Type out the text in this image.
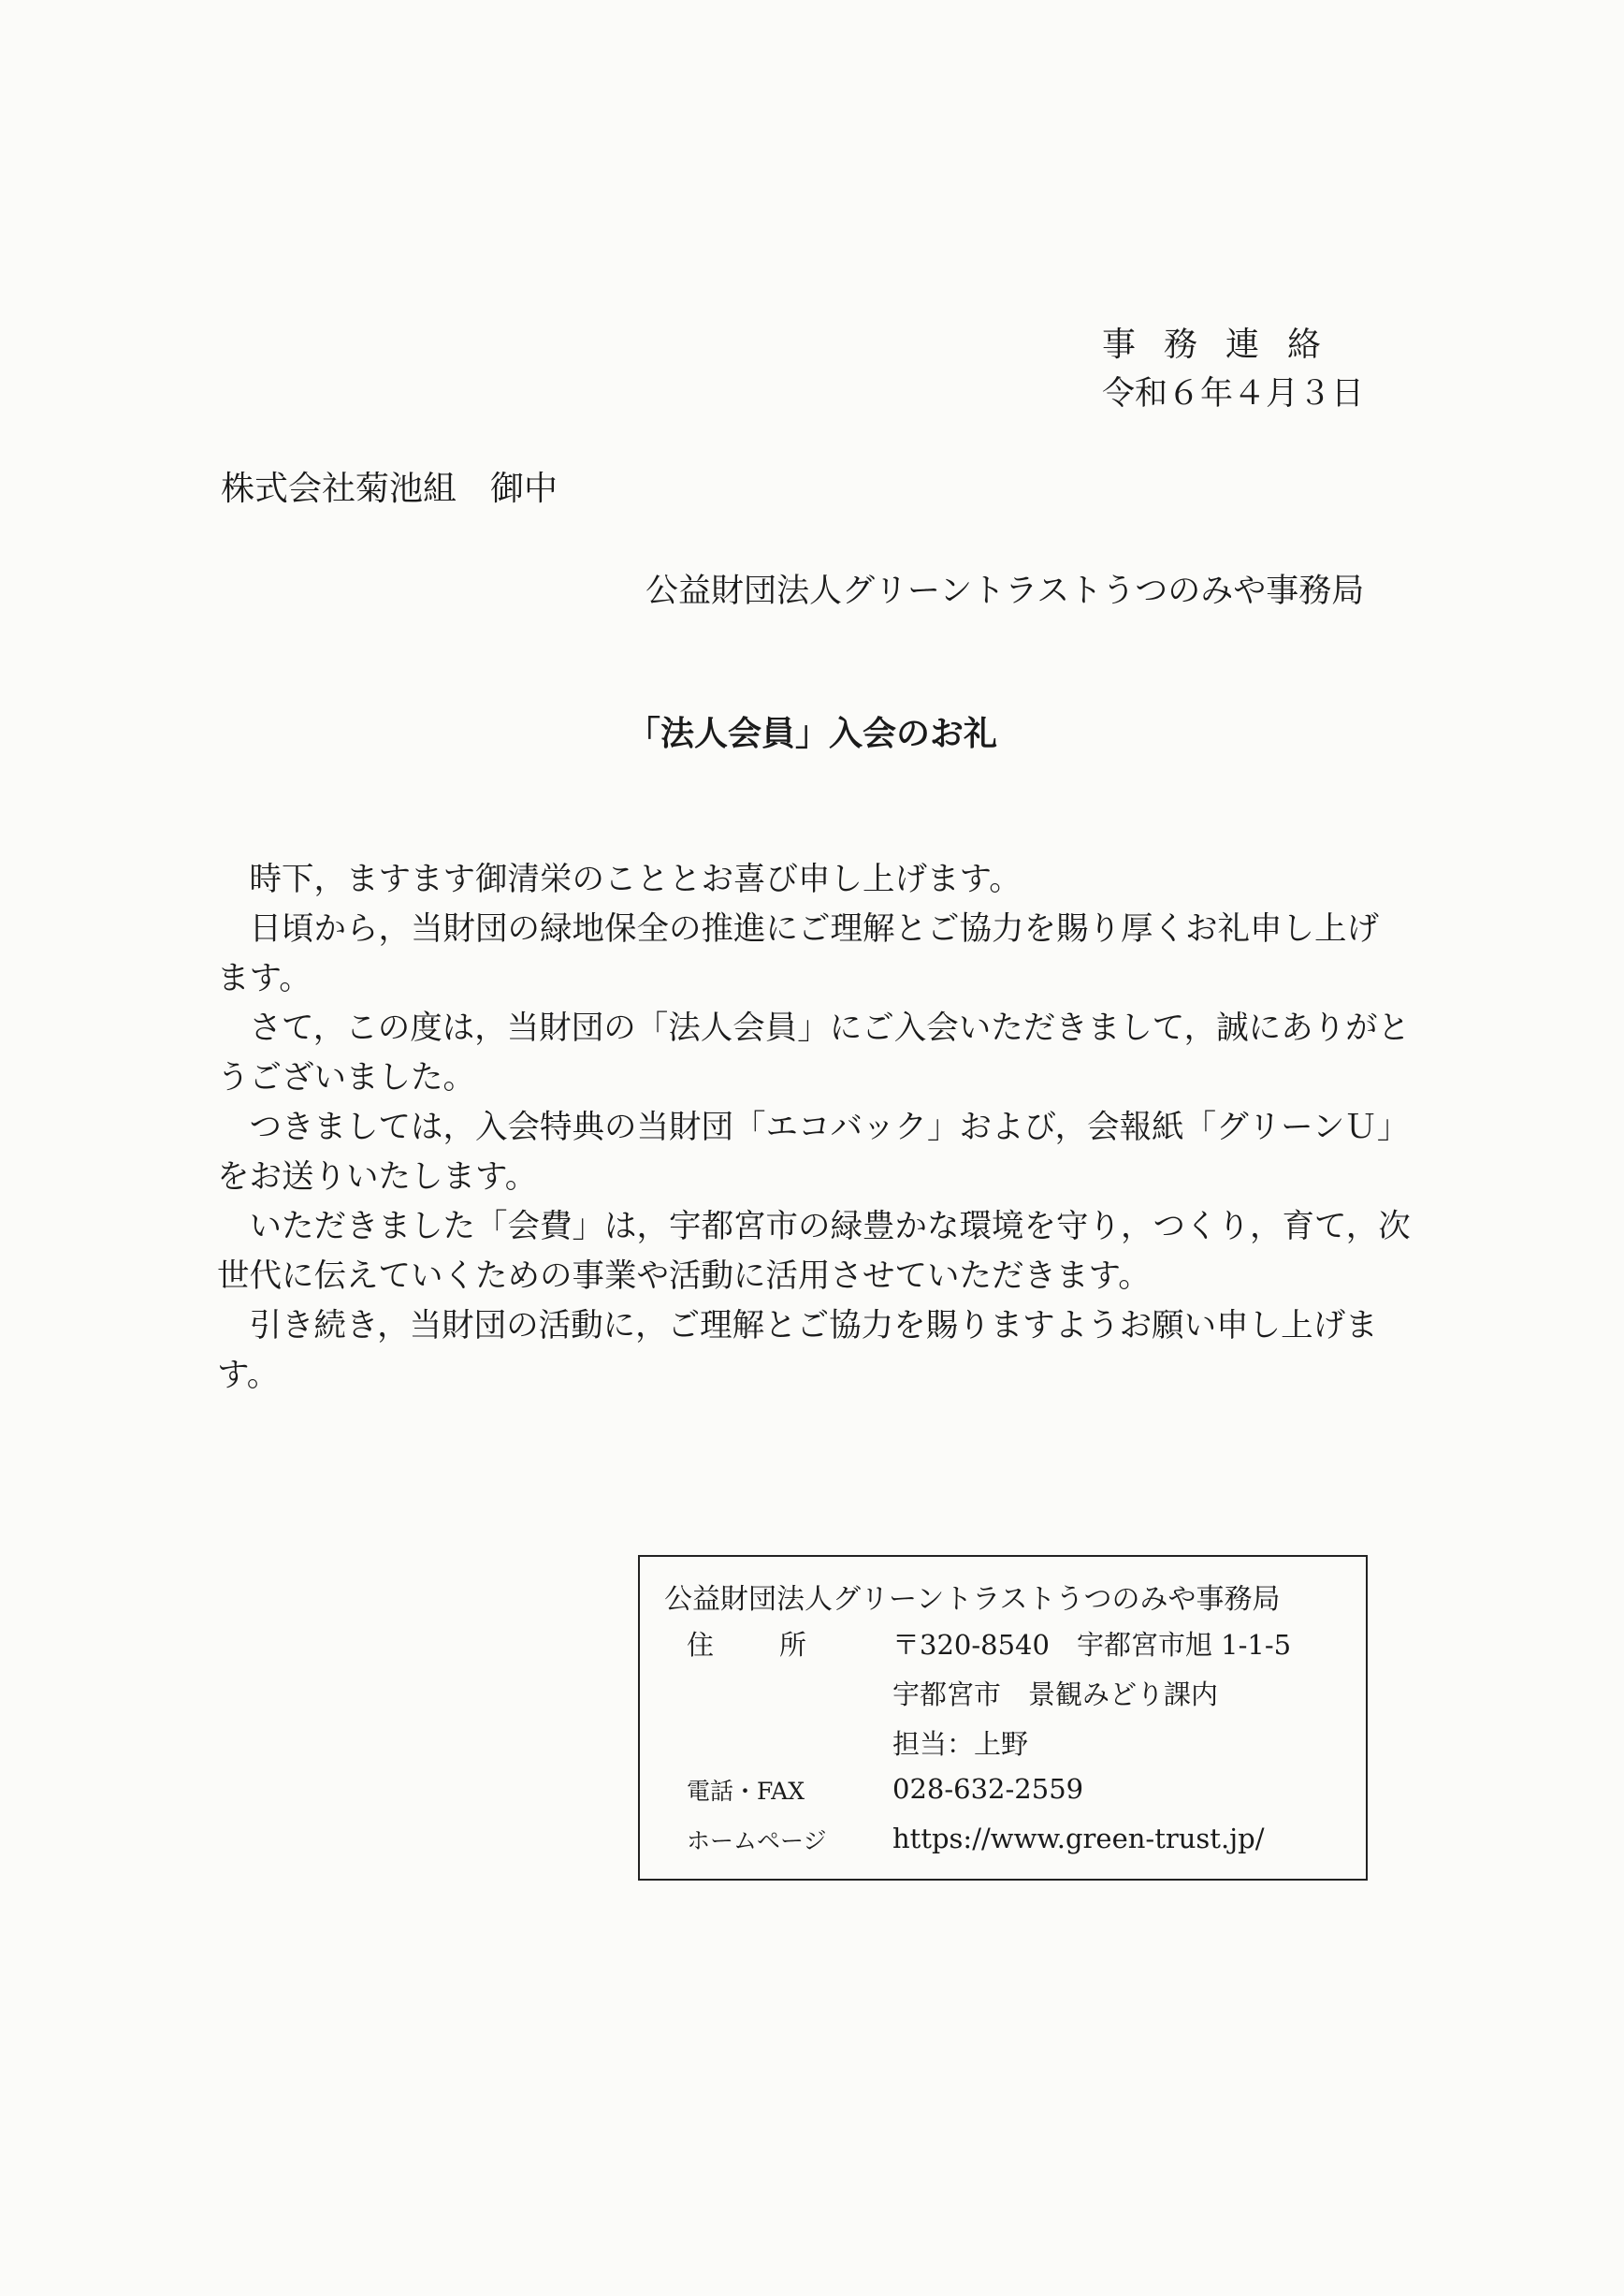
事務連絡
令和６年４月３日
株式会社菊池組　御中
公益財団法人グリーントラストうつのみや事務局
「法人会員」入会のお礼

時下，ますます御清栄のこととお喜び申し上げます。

日頃から，当財団の緑地保全の推進にご理解とご協力を賜り厚くお礼申し上げます。

さて，この度は，当財団の「法人会員」にご入会いただきまして，誠にありがとうございました。

つきましては，入会特典の当財団「エコバック」および，会報紙「グリーンＵ」をお送りいたします。

いただきました「会費」は，宇都宮市の緑豊かな環境を守り，つくり，育て，次世代に伝えていくための事業や活動に活用させていただきます。

引き続き，当財団の活動に，ご理解とご協力を賜りますようお願い申し上げます。

公益財団法人グリーントラストうつのみや事務局
住所 〒320-8540　宇都宮市旭 1-1-5
宇都宮市　景観みどり課内
担当：上野
電話・FAX	028-632-2559
ホームページ https://www.green-trust.jp/
